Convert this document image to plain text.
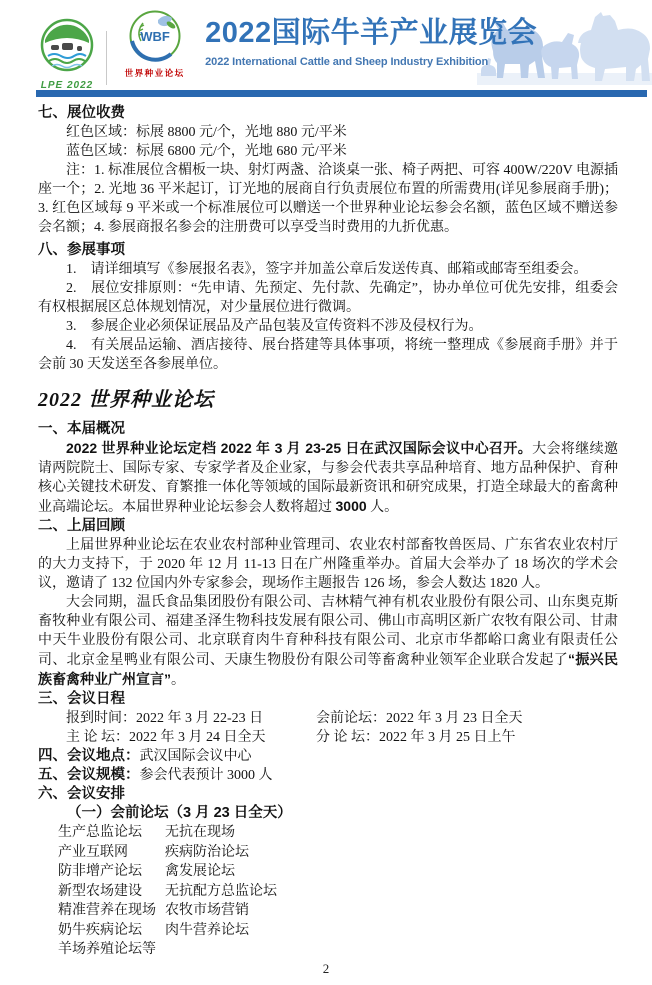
LPE 2022
WBF
世界种业论坛
2022国际牛羊产业展览会
2022 International Cattle and Sheep Industry Exhibition

七、展位收费

红色区域：标展 8800 元/个，光地 880 元/平米

蓝色区域：标展 6800 元/个，光地 680 元/平米

注：1. 标准展位含楣板一块、射灯两盏、洽谈桌一张、椅子两把、可容 400W/220V 电源插座一个；2. 光地 36 平米起订，订光地的展商自行负责展位布置的所需费用(详见参展商手册)；3. 红色区域每 9 平米或一个标准展位可以赠送一个世界种业论坛参会名额，蓝色区域不赠送参会名额；4. 参展商报名参会的注册费可以享受当时费用的九折优惠。

八、参展事项

1.　请详细填写《参展报名表》，签字并加盖公章后发送传真、邮箱或邮寄至组委会。

2.　展位安排原则：“先申请、先预定、先付款、先确定”，协办单位可优先安排，组委会有权根据展区总体规划情况，对少量展位进行微调。

3.　参展企业必须保证展品及产品包装及宣传资料不涉及侵权行为。

4.　有关展品运输、酒店接待、展台搭建等具体事项，将统一整理成《参展商手册》并于会前 30 天发送至各参展单位。

2022 世界种业论坛

一、本届概况

2022 世界种业论坛定档 2022 年 3 月 23-25 日在武汉国际会议中心召开。大会将继续邀请两院院士、国际专家、专家学者及企业家，与参会代表共享品种培育、地方品种保护、育种核心关键技术研发、育繁推一体化等领域的国际最新资讯和研究成果，打造全球最大的畜禽种业高端论坛。本届世界种业论坛参会人数将超过 3000 人。

二、上届回顾

上届世界种业论坛在农业农村部种业管理司、农业农村部畜牧兽医局、广东省农业农村厅的大力支持下，于 2020 年 12 月 11-13 日在广州隆重举办。首届大会举办了 18 场次的学术会议，邀请了 132 位国内外专家参会，现场作主题报告 126 场，参会人数达 1820 人。

大会同期，温氏食品集团股份有限公司、吉林精气神有机农业股份有限公司、山东奥克斯畜牧种业有限公司、福建圣泽生物科技发展有限公司、佛山市高明区新广农牧有限公司、甘肃中天牛业股份有限公司、北京联育肉牛育种科技有限公司、北京市华都峪口禽业有限责任公司、北京金星鸭业有限公司、天康生物股份有限公司等畜禽种业领军企业联合发起了“振兴民族畜禽种业广州宣言”。

三、会议日程

报到时间：2022 年 3 月 22-23 日	会前论坛：2022 年 3 月 23 日全天
主 论 坛：2022 年 3 月 24 日全天	分 论 坛：2022 年 3 月 25 日上午

四、会议地点：武汉国际会议中心

五、会议规模：参会代表预计 3000 人

六、会议安排

（一）会前论坛（3 月 23 日全天）

生产总监论坛
产业互联网
防非增产论坛
新型农场建设
精准营养在现场
奶牛疾病论坛
羊场养殖论坛等
无抗在现场
疾病防治论坛
禽发展论坛
无抗配方总监论坛
农牧市场营销
肉牛营养论坛
2
